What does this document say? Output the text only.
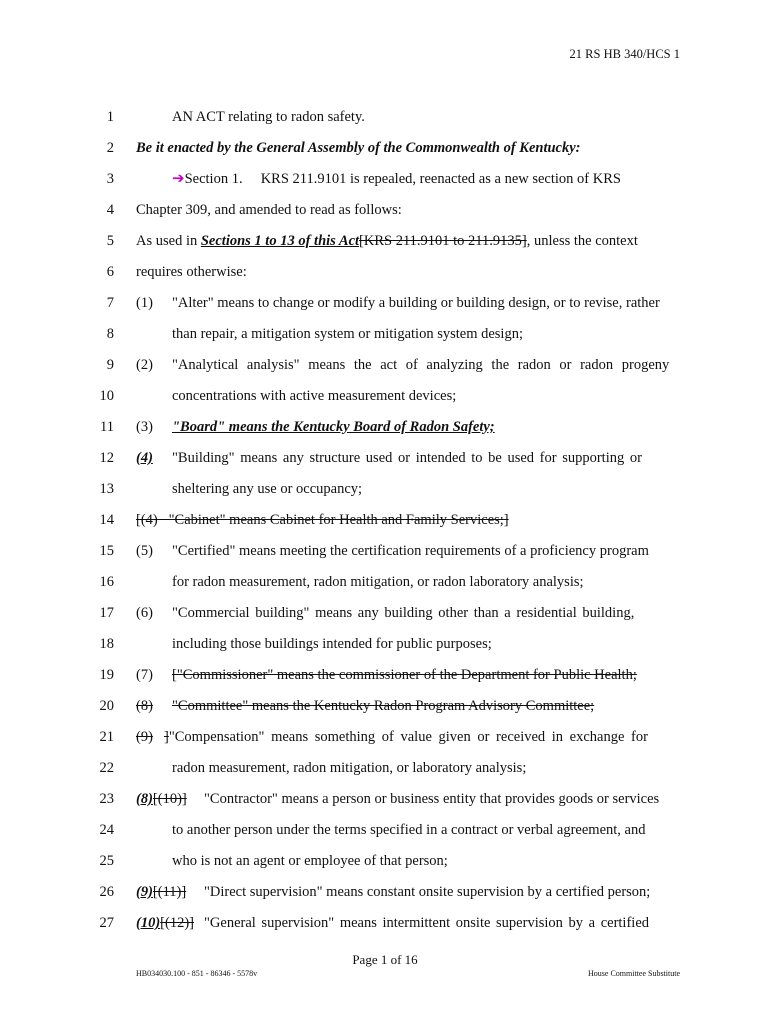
21 RS HB 340/HCS 1
1	AN ACT relating to radon safety.
2 Be it enacted by the General Assembly of the Commonwealth of Kentucky:
3	➔Section 1. KRS 211.9101 is repealed, reenacted as a new section of KRS
4 Chapter 309, and amended to read as follows:
5 As used in Sections 1 to 13 of this Act[KRS 211.9101 to 211.9135], unless the context
6 requires otherwise:
7 (1) "Alter" means to change or modify a building or building design, or to revise, rather
8	than repair, a mitigation system or mitigation system design;
9 (2) "Analytical analysis" means the act of analyzing the radon or radon progeny
10	concentrations with active measurement devices;
11 (3) "Board" means the Kentucky Board of Radon Safety;
12 (4) "Building" means any structure used or intended to be used for supporting or
13	sheltering any use or occupancy;
14 [(4)   "Cabinet" means Cabinet for Health and Family Services;]
15 (5) "Certified" means meeting the certification requirements of a proficiency program
16	for radon measurement, radon mitigation, or radon laboratory analysis;
17 (6) "Commercial building" means any building other than a residential building,
18	including those buildings intended for public purposes;
19 (7) ["Commissioner" means the commissioner of the Department for Public Health;
20 (8)	"Committee" means the Kentucky Radon Program Advisory Committee;
21 (9) ]"Compensation" means something of value given or received in exchange for
22	radon measurement, radon mitigation, or laboratory analysis;
23 (8)[(10)] "Contractor" means a person or business entity that provides goods or services
24	to another person under the terms specified in a contract or verbal agreement, and
25	who is not an agent or employee of that person;
26 (9)[(11)] "Direct supervision" means constant onsite supervision by a certified person;
27 (10)[(12)] "General supervision" means intermittent onsite supervision by a certified
Page 1 of 16
HB034030.100 - 851 - 86346 - 5578v	House Committee Substitute
